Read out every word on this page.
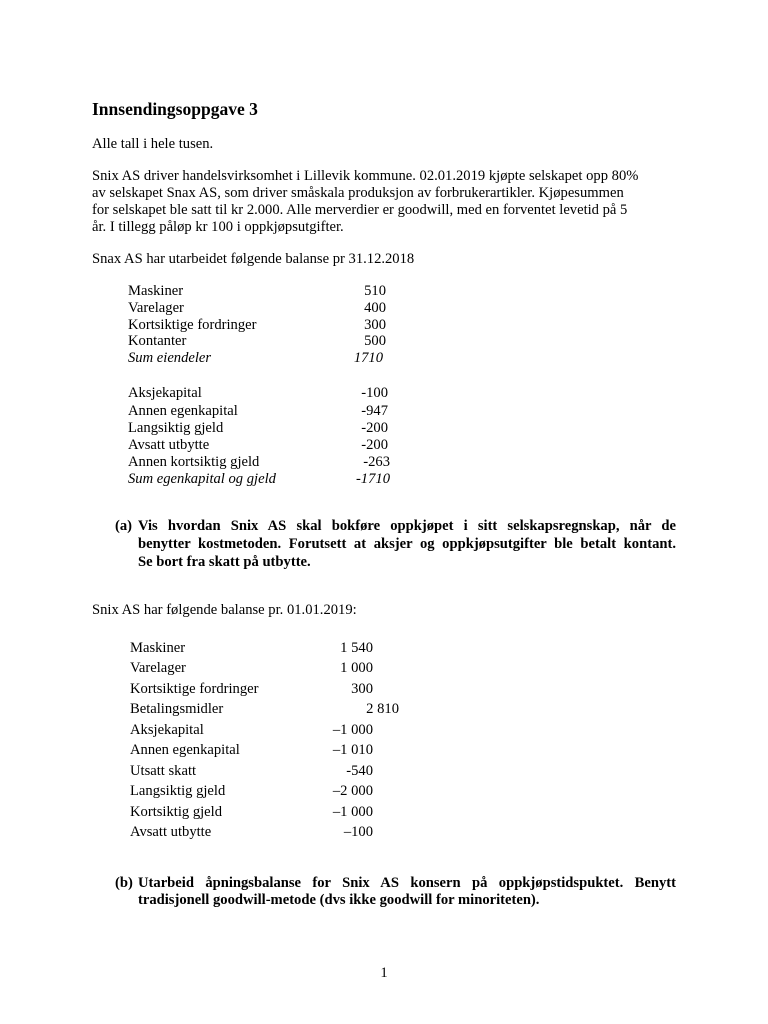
Innsendingsoppgave 3
Alle tall i hele tusen.
Snix AS driver handelsvirksomhet i Lillevik kommune. 02.01.2019 kjøpte selskapet opp 80%
av selskapet Snax AS, som driver småskala produksjon av forbrukerartikler. Kjøpesummen
for selskapet ble satt til kr 2.000. Alle merverdier er goodwill, med en forventet levetid på 5
år. I tillegg påløp kr 100 i oppkjøpsutgifter.
Snax AS har utarbeidet følgende balanse pr 31.12.2018
Maskiner	510
Varelager	400
Kortsiktige fordringer	300
Kontanter	500
Sum eiendeler	1710
Aksjekapital	-100
Annen egenkapital	-947
Langsiktig gjeld	-200
Avsatt utbytte	-200
Annen kortsiktig gjeld	-263
Sum egenkapital og gjeld	-1710
(a) Vis hvordan Snix AS skal bokføre oppkjøpet i sitt selskapsregnskap, når de
benytter kostmetoden. Forutsett at aksjer og oppkjøpsutgifter ble betalt kontant.
Se bort fra skatt på utbytte.
Snix AS har følgende balanse pr. 01.01.2019:
Maskiner	1 540
Varelager	1 000
Kortsiktige fordringer	300
Betalingsmidler	2 810
Aksjekapital	–1 000
Annen egenkapital	–1 010
Utsatt skatt	-540
Langsiktig gjeld	–2 000
Kortsiktig gjeld	–1 000
Avsatt utbytte	–100
(b) Utarbeid åpningsbalanse for Snix AS konsern på oppkjøpstidspuktet. Benytt
tradisjonell goodwill-metode (dvs ikke goodwill for minoriteten).
1
